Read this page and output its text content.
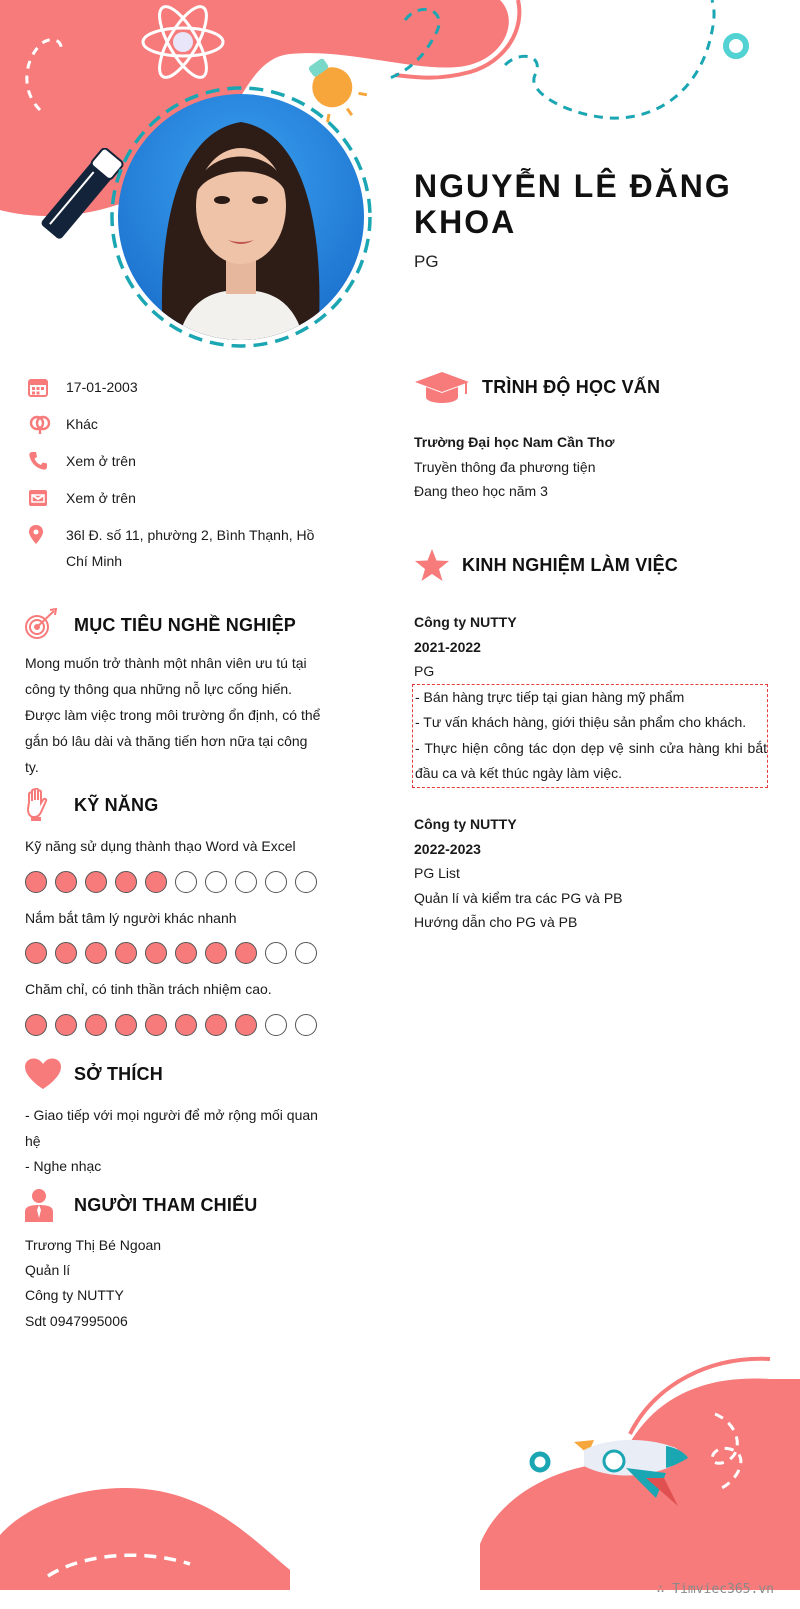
NGUYỄN LÊ ĐĂNG KHOA
PG
17-01-2003
Khác
Xem ở trên
Xem ở trên
36l Đ. số 11, phường 2, Bình Thạnh, Hồ Chí Minh
MỤC TIÊU NGHỀ NGHIỆP
Mong muốn trở thành một nhân viên ưu tú tại công ty thông qua những nỗ lực cống hiến. Được làm việc trong môi trường ổn định, có thể gắn bó lâu dài và thăng tiến hơn nữa tại công ty.
KỸ NĂNG
Kỹ năng sử dụng thành thạo Word và Excel
Nắm bắt tâm lý người khác nhanh
Chăm chỉ, có tinh thần trách nhiệm cao.
SỞ THÍCH
- Giao tiếp với mọi người để mở rộng mối quan hệ
- Nghe nhạc
NGƯỜI THAM CHIẾU
Trương Thị Bé Ngoan
Quản lí
Công ty NUTTY
Sdt 0947995006
TRÌNH ĐỘ HỌC VẤN
Trường Đại học Nam Cần Thơ
Truyền thông đa phương tiện
Đang theo học năm 3
KINH NGHIỆM LÀM VIỆC
Công ty NUTTY
2021-2022
PG
- Bán hàng trực tiếp tại gian hàng mỹ phẩm
- Tư vấn khách hàng, giới thiệu sản phẩm cho khách.
- Thực hiện công tác dọn dẹp vệ sinh cửa hàng khi bắt đầu ca và kết thúc ngày làm việc.
Công ty NUTTY
2022-2023
PG List
Quản lí và kiểm tra các PG và PB
Hướng dẫn cho PG và PB
∴ Timviec365.vn
